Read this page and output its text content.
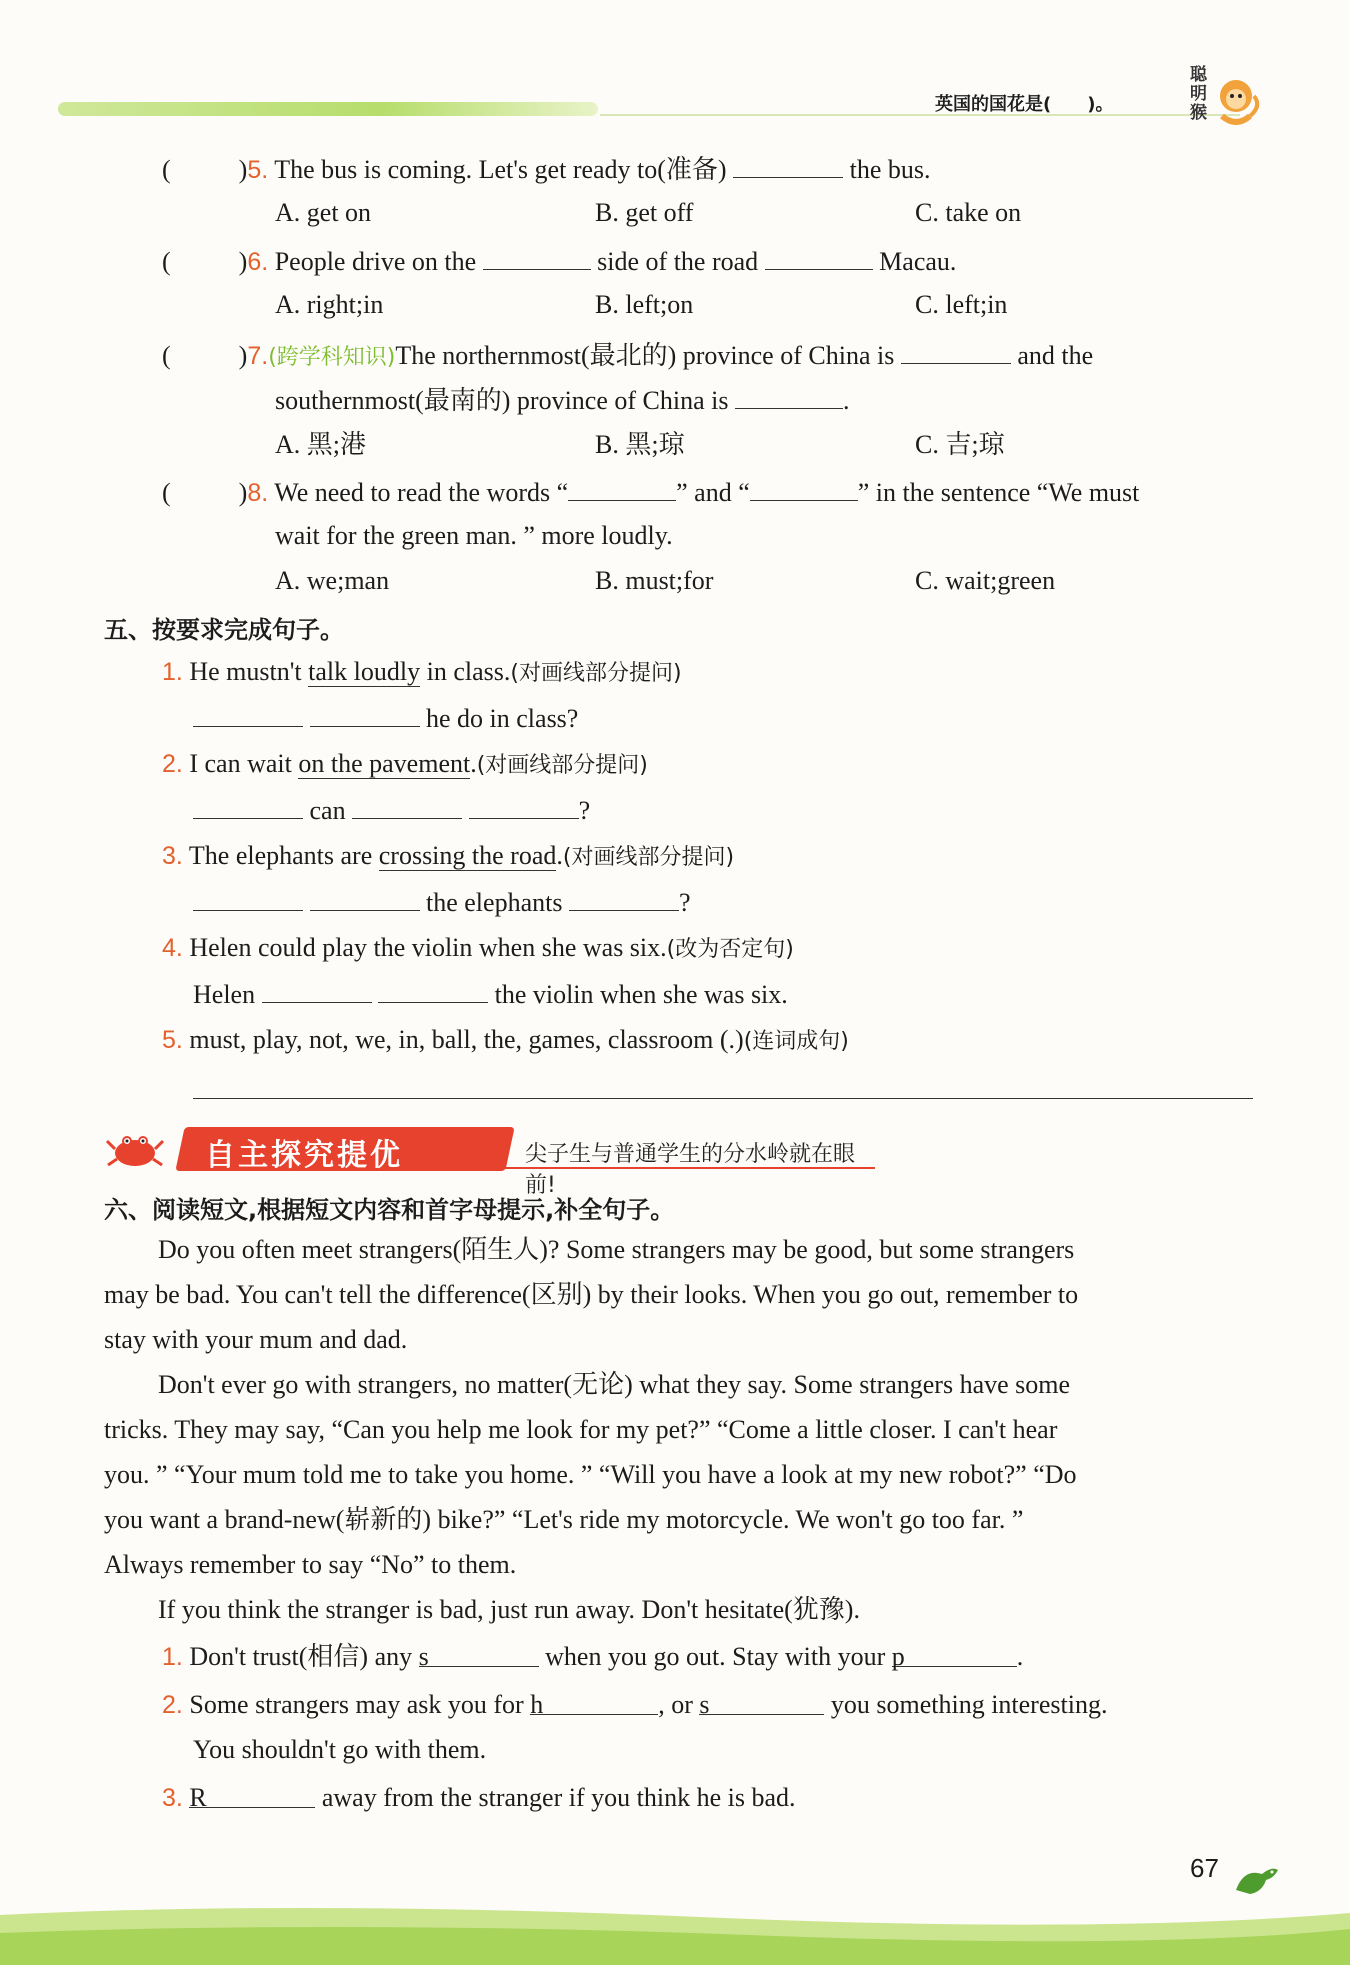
英国的国花是(　　)。
聪
明
猴
(	)5. The bus is coming. Let's get ready to(准备)	the bus.
A. get on	B. get off	C. take on
(	)6. People drive on the	side of the road	Macau.
A. right;in	B. left;on	C. left;in
(	)7.(跨学科知识)The northernmost(最北的) province of China is	and the
southernmost(最南的) province of China is	.
A. 黑;港	B. 黑;琼	C. 吉;琼
(	)8. We need to read the words “	” and “	” in the sentence “We must
wait for the green man. ” more loudly.
A. we;man	B. must;for	C. wait;green
五、按要求完成句子。
1. He mustn't talk loudly in class.(对画线部分提问)
he do in class?
2. I can wait on the pavement.(对画线部分提问)
can	?
3. The elephants are crossing the road.(对画线部分提问)
the elephants	?
4. Helen could play the violin when she was six.(改为否定句)
Helen	the violin when she was six.
5. must, play, not, we, in, ball, the, games, classroom (.)(连词成句)
自主探究提优	尖子生与普通学生的分水岭就在眼前!
六、阅读短文,根据短文内容和首字母提示,补全句子。
Do you often meet strangers(陌生人)? Some strangers may be good, but some strangers
may be bad. You can't tell the difference(区别) by their looks. When you go out, remember to
stay with your mum and dad.
Don't ever go with strangers, no matter(无论) what they say. Some strangers have some
tricks. They may say, “Can you help me look for my pet?” “Come a little closer. I can't hear
you. ” “Your mum told me to take you home. ” “Will you have a look at my new robot?” “Do
you want a brand-new(崭新的) bike?” “Let's ride my motorcycle. We won't go too far. ”
Always remember to say “No” to them.
If you think the stranger is bad, just run away. Don't hesitate(犹豫).
1. Don't trust(相信) any s	when you go out. Stay with your p	.
2. Some strangers may ask you for h	, or s	you something interesting.
You shouldn't go with them.
3. R	away from the stranger if you think he is bad.
67
